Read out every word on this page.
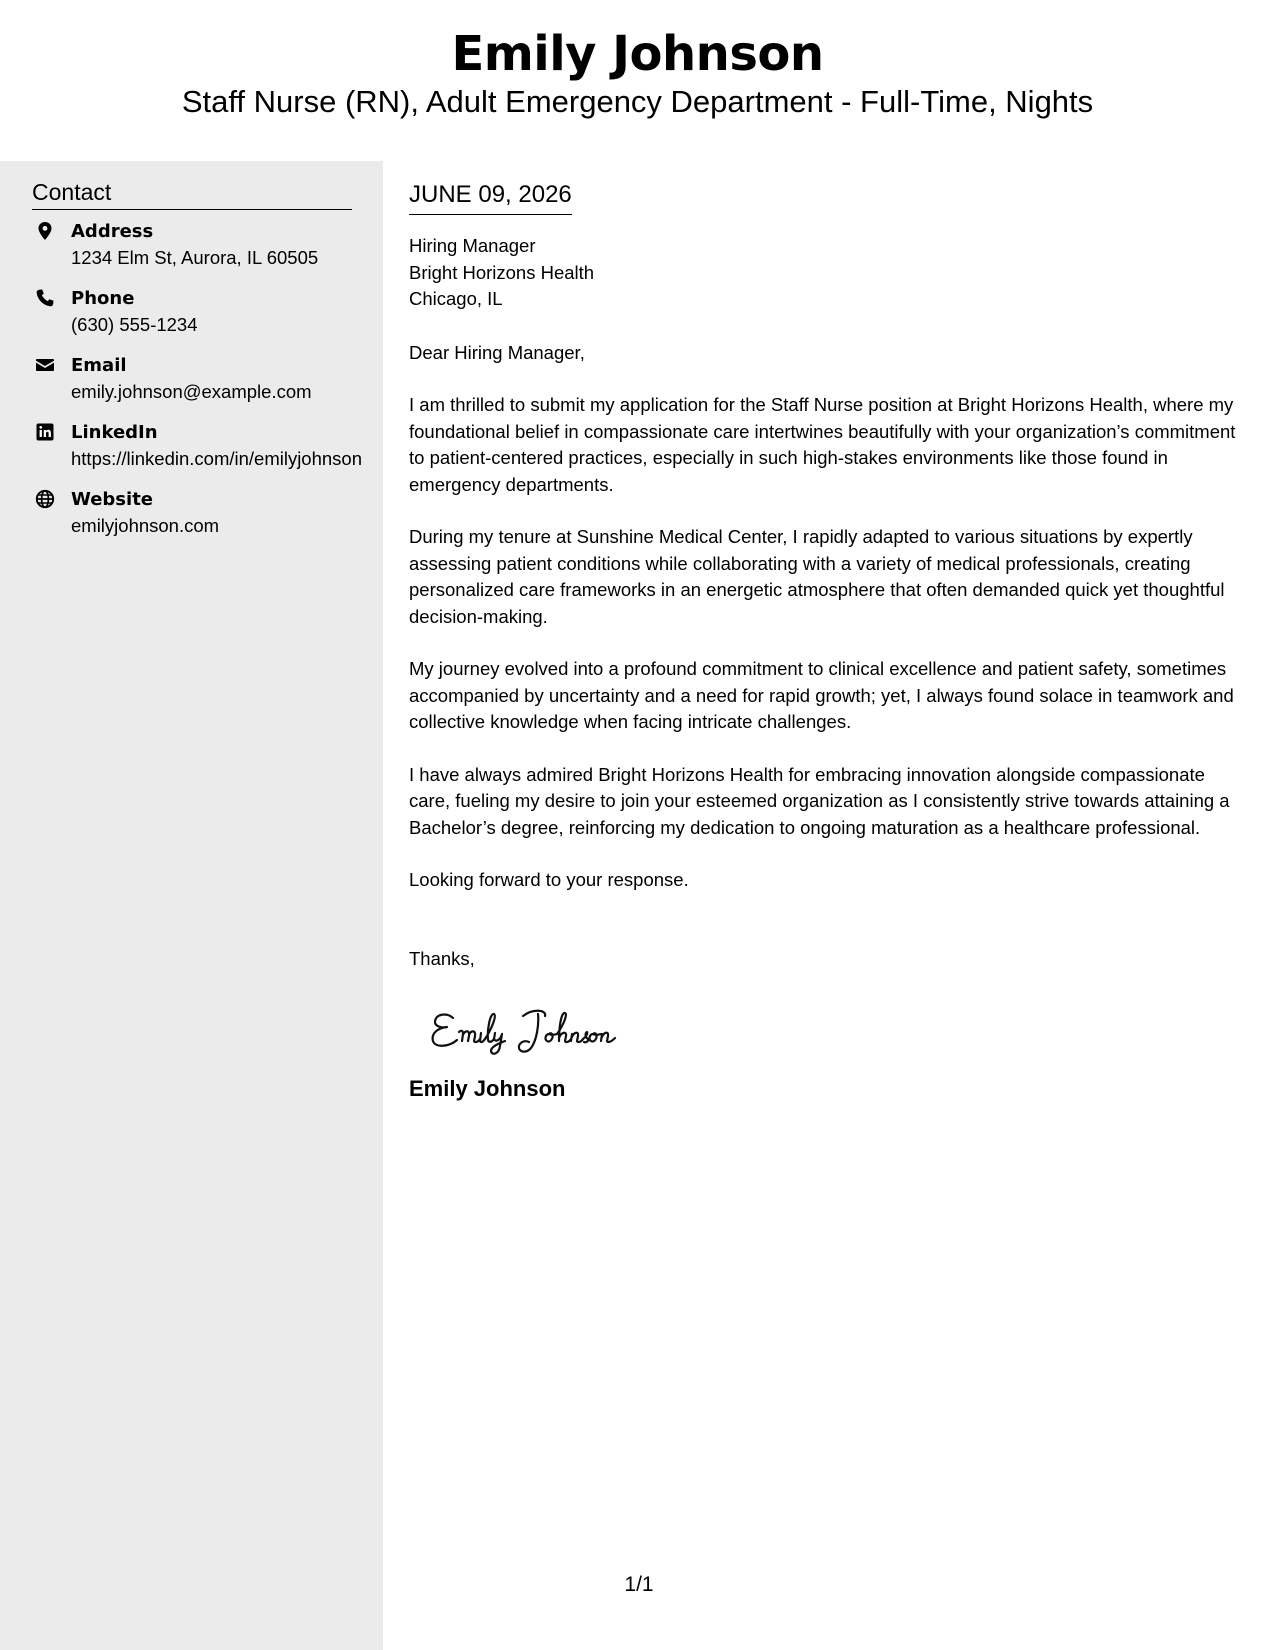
Emily Johnson
Staff Nurse (RN), Adult Emergency Department - Full-Time, Nights
Contact
Address
1234 Elm St, Aurora, IL 60505
Phone
(630) 555-1234
Email
emily.johnson@example.com
LinkedIn
https://linkedin.com/in/emilyjohnson
Website
emilyjohnson.com
JUNE 09, 2026
Hiring Manager
Bright Horizons Health
Chicago, IL
Dear Hiring Manager,

I am thrilled to submit my application for the Staff Nurse position at Bright Horizons Health, where my foundational belief in compassionate care intertwines beautifully with your organization’s commitment to patient-centered practices, especially in such high-stakes environments like those found in emergency departments.

During my tenure at Sunshine Medical Center, I rapidly adapted to various situations by expertly assessing patient conditions while collaborating with a variety of medical professionals, creating personalized care frameworks in an energetic atmosphere that often demanded quick yet thoughtful decision-making.

My journey evolved into a profound commitment to clinical excellence and patient safety, sometimes accompanied by uncertainty and a need for rapid growth; yet, I always found solace in teamwork and collective knowledge when facing intricate challenges.

I have always admired Bright Horizons Health for embracing innovation alongside compassionate care, fueling my desire to join your esteemed organization as I consistently strive towards attaining a Bachelor’s degree, reinforcing my dedication to ongoing maturation as a healthcare professional.

Looking forward to your response.

Thanks,
Emily Johnson
1/1
